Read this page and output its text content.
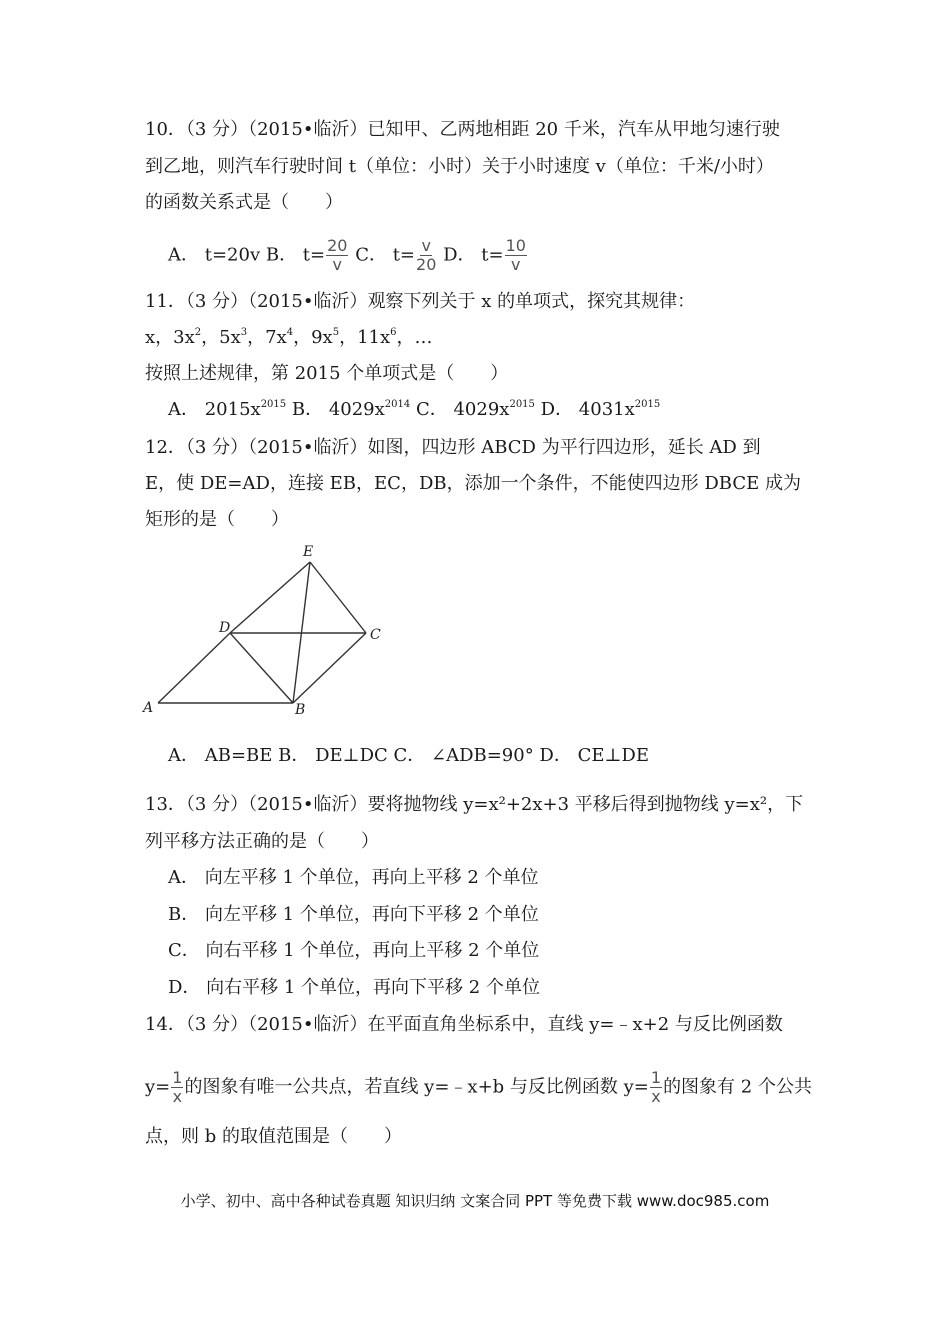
10．（3 分）（2015•临沂）已知甲、乙两地相距 20 千米，汽车从甲地匀速行驶
到乙地，则汽车行驶时间 t（单位：小时）关于小时速度 v（单位：千米/小时）
的函数关系式是（　　）
A． t=20v B． $t= \frac{20}{v}$ C． $t= \frac{v}{20}$ D． $t= \frac{10}{v}$
11．（3 分）（2015•临沂）观察下列关于 x 的单项式，探究其规律：
x，$3x^2$，$5x^3$，$7x^4$，$9x^5$，$11x^6$，…
按照上述规律，第 2015 个单项式是（　　）
A． $2015x^{2015}$ B． $4029x^{2014}$ C． $4029x^{2015}$ D． $4031x^{2015}$
12．（3 分）（2015•临沂）如图，四边形 ABCD 为平行四边形，延长 AD 到
E，使 DE=AD，连接 EB，EC，DB，添加一个条件，不能使四边形 DBCE 成为
矩形的是（　　）
E
D	C
A	B
A． AB=BE B． DE⊥DC C． ∠ADB=90° D． CE⊥DE
13．（3 分）（2015•临沂）要将抛物线 y=x²+2x+3 平移后得到抛物线 y=x²，下
列平移方法正确的是（　　）
A． 向左平移 1 个单位，再向上平移 2 个单位
B． 向左平移 1 个单位，再向下平移 2 个单位
C． 向右平移 1 个单位，再向上平移 2 个单位
D． 向右平移 1 个单位，再向下平移 2 个单位
14．（3 分）（2015•临沂）在平面直角坐标系中，直线 y=﹣x+2 与反比例函数
$y= \frac{1}{x}$ 的图象有唯一公共点，若直线 y=﹣x+b 与反比例函数 $y= \frac{1}{x}$ 的图象有 2 个公共
点，则 b 的取值范围是（　　）
小学、初中、高中各种试卷真题 知识归纳 文案合同 PPT 等免费下载 www.doc985.com
